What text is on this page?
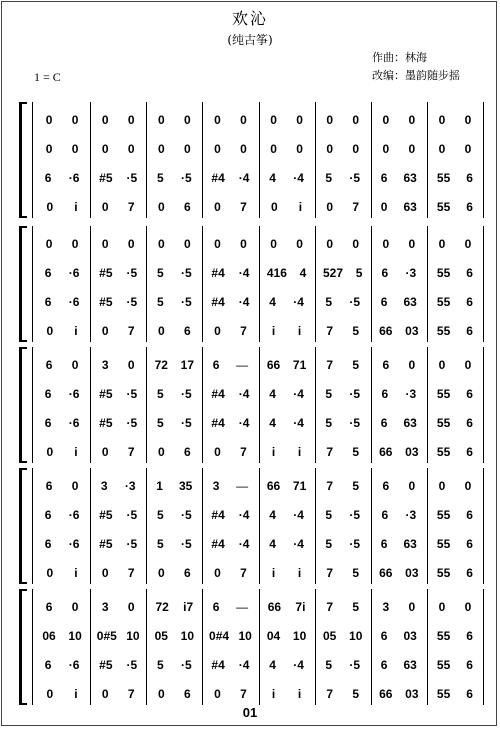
欢沁
(纯古筝)
1 = C
作曲：林海
改编：墨韵随步摇
0 0 0 0 0 0 0 0 0 0 0 0 0 0 0 0
0 0 0 0 0 0 0 0 0 0 0 0 0 0 0 0
6 ·6 #5 ·5 5 ·5 #4 ·4 4 ·4 5 ·5 6 63 55 6
0 i 0 7 0 6 0 7 0 i 0 7 0 63 55 6
0 0 0 0 0 0 0 0 0 0 0 0 0 0 0 0
6 ·6 #5 ·5 5 ·5 #4 ·4 416 4 527 5 6 ·3 55 6
6 ·6 #5 ·5 5 ·5 #4 ·4 4 ·4 5 ·5 6 63 55 6
0 i 0 7 0 6 0 7 i i 7 5 66 03 55 6
6 0 3 0 72 17 6 — 66 71 7 5 6 0 0 0
6 ·6 #5 ·5 5 ·5 #4 ·4 4 ·4 5 ·5 6 ·3 55 6
6 ·6 #5 ·5 5 ·5 #4 ·4 4 ·4 5 ·5 6 63 55 6
0 i 0 7 0 6 0 7 i i 7 5 66 03 55 6
6 0 3 ·3 1 35 3 — 66 71 7 5 6 0 0 0
6 ·6 #5 ·5 5 ·5 #4 ·4 4 ·4 5 ·5 6 ·3 55 6
6 ·6 #5 ·5 5 ·5 #4 ·4 4 ·4 5 ·5 6 63 55 6
0 i 0 7 0 6 0 7 i i 7 5 66 03 55 6
6 0 3 0 72 i7 6 — 66 7i 7 5 3 0 0 0
06 10 0#5 10 05 10 0#4 10 04 10 05 10 6 03 55 6
6 ·6 #5 ·5 5 ·5 #4 ·4 4 ·4 5 ·5 6 63 55 6
0 i 0 7 0 6 0 7 i i 7 5 66 03 55 6
01
